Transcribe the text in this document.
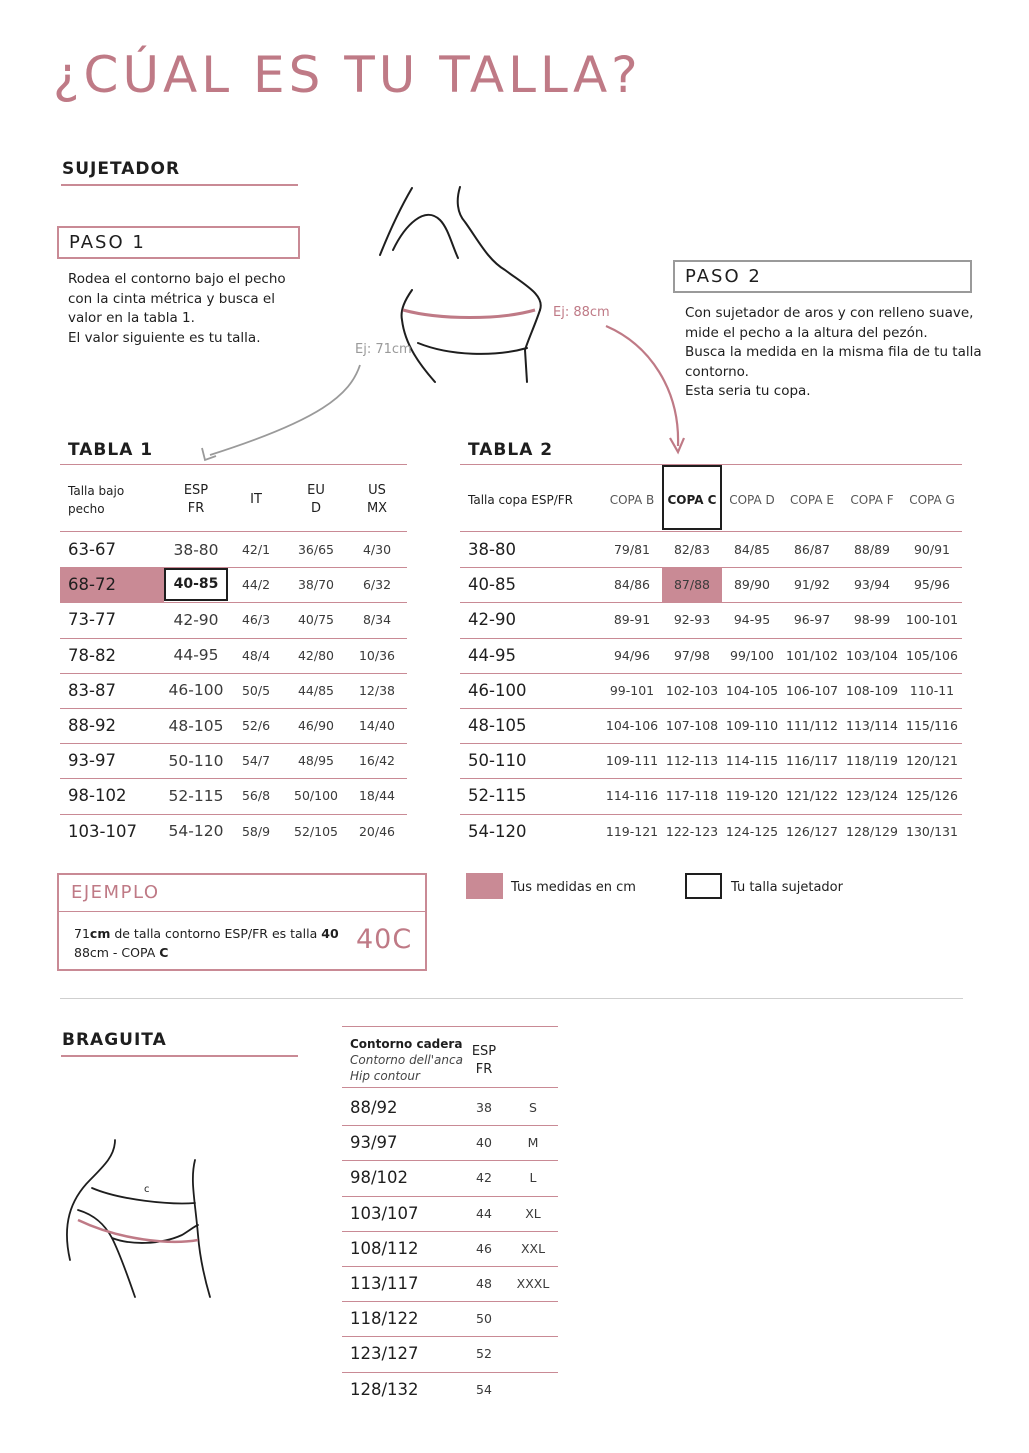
¿CÚAL ES TU TALLA?
SUJETADOR
PASO 1
Rodea el contorno bajo el pecho
con la cinta métrica y busca el
valor en la tabla 1.
El valor siguiente es tu talla.
PASO 2
Con sujetador de aros y con relleno suave,
mide el pecho a la altura del pezón.
Busca la medida en la misma fila de tu talla
contorno.
Esta seria tu copa.
Ej: 88cm
Ej: 71cm
TABLA 1
Talla bajo pecho
ESP
FR
IT
EU
D
US
MX
63-67	38-80	42/1	36/65	4/30
68-72	40-85	44/2	38/70	6/32
73-77	42-90	46/3	40/75	8/34
78-82	44-95	48/4	42/80	10/36
83-87	46-100	50/5	44/85	12/38
88-92	48-105	52/6	46/90	14/40
93-97	50-110	54/7	48/95	16/42
98-102	52-115	56/8	50/100	18/44
103-107	54-120	58/9	52/105	20/46
TABLA 2
Talla copa ESP/FR	COPA B	COPA C	COPA D	COPA E	COPA F	COPA G
38-80	79/81	82/83	84/85	86/87	88/89	90/91
40-85	84/86	87/88	89/90	91/92	93/94	95/96
42-90	89-91	92-93	94-95	96-97	98-99	100-101
44-95	94/96	97/98	99/100 101/102 103/104 105/106
46-100	99-101 102-103 104-105 106-107 108-109 110-11
48-105	104-106 107-108 109-110 111/112 113/114 115/116
50-110	109-111 112-113 114-115 116/117 118/119 120/121
52-115	114-116 117-118 119-120 121/122 123/124 125/126
54-120	119-121 122-123 124-125 126/127 128/129 130/131
Tus medidas en cm	Tu talla sujetador
EJEMPLO
71cm de talla contorno ESP/FR es talla 40
88cm - COPA C	40C
BRAGUITA
c
Contorno cadera
Contorno dell'anca
Hip contour
ESP
FR
88/92	38	S
93/97	40	M
98/102	42	L
103/107	44	XL
108/112	46	XXL
113/117	48	XXXL
118/122	50
123/127	52
128/132	54
